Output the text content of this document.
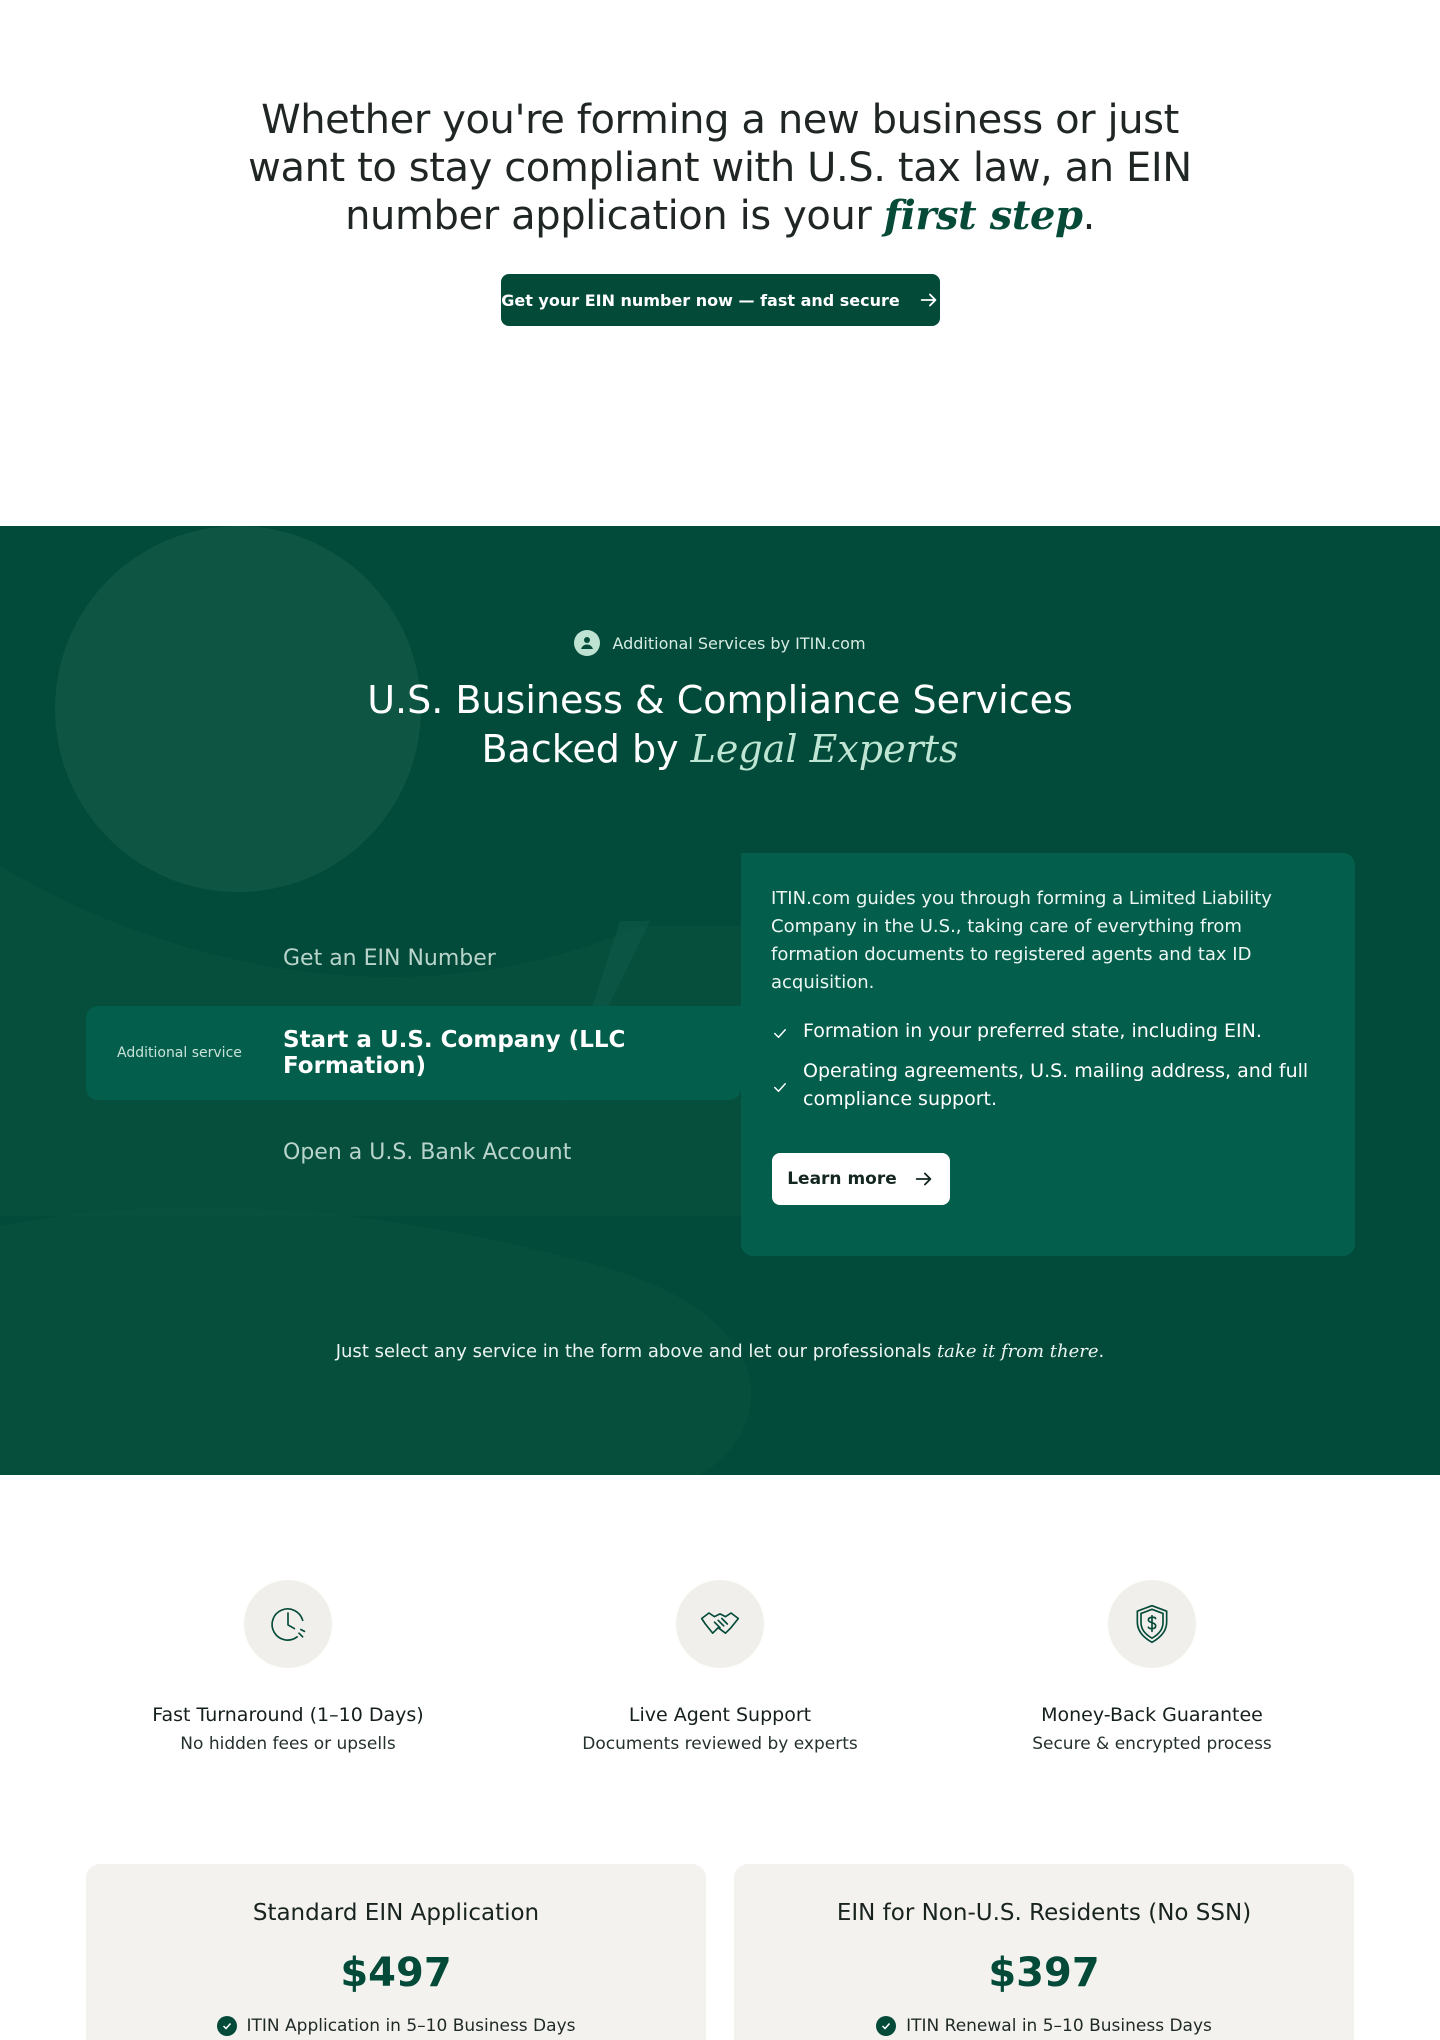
Whether you're forming a new business or just want to stay compliant with U.S. tax law, an EIN number application is your first step.
Get your EIN number now — fast and secure
Additional Services by ITIN.com
U.S. Business & Compliance Services
Backed by Legal Experts
Get an EIN Number
Additional service Start a U.S. Company (LLC Formation)
Open a U.S. Bank Account

ITIN.com guides you through forming a Limited Liability Company in the U.S., taking care of everything from formation documents to registered agents and tax ID acquisition.

Formation in your preferred state, including EIN.
Operating agreements, U.S. mailing address, and full compliance support.
Learn more

Just select any service in the form above and let our professionals take it from there.

Fast Turnaround (1–10 Days)
No hidden fees or upsells
Live Agent Support
Documents reviewed by experts
Money-Back Guarantee
Secure & encrypted process
Standard EIN Application
$497
ITIN Application in 5–10 Business Days
EIN for Non-U.S. Residents (No SSN)
$397
ITIN Renewal in 5–10 Business Days
